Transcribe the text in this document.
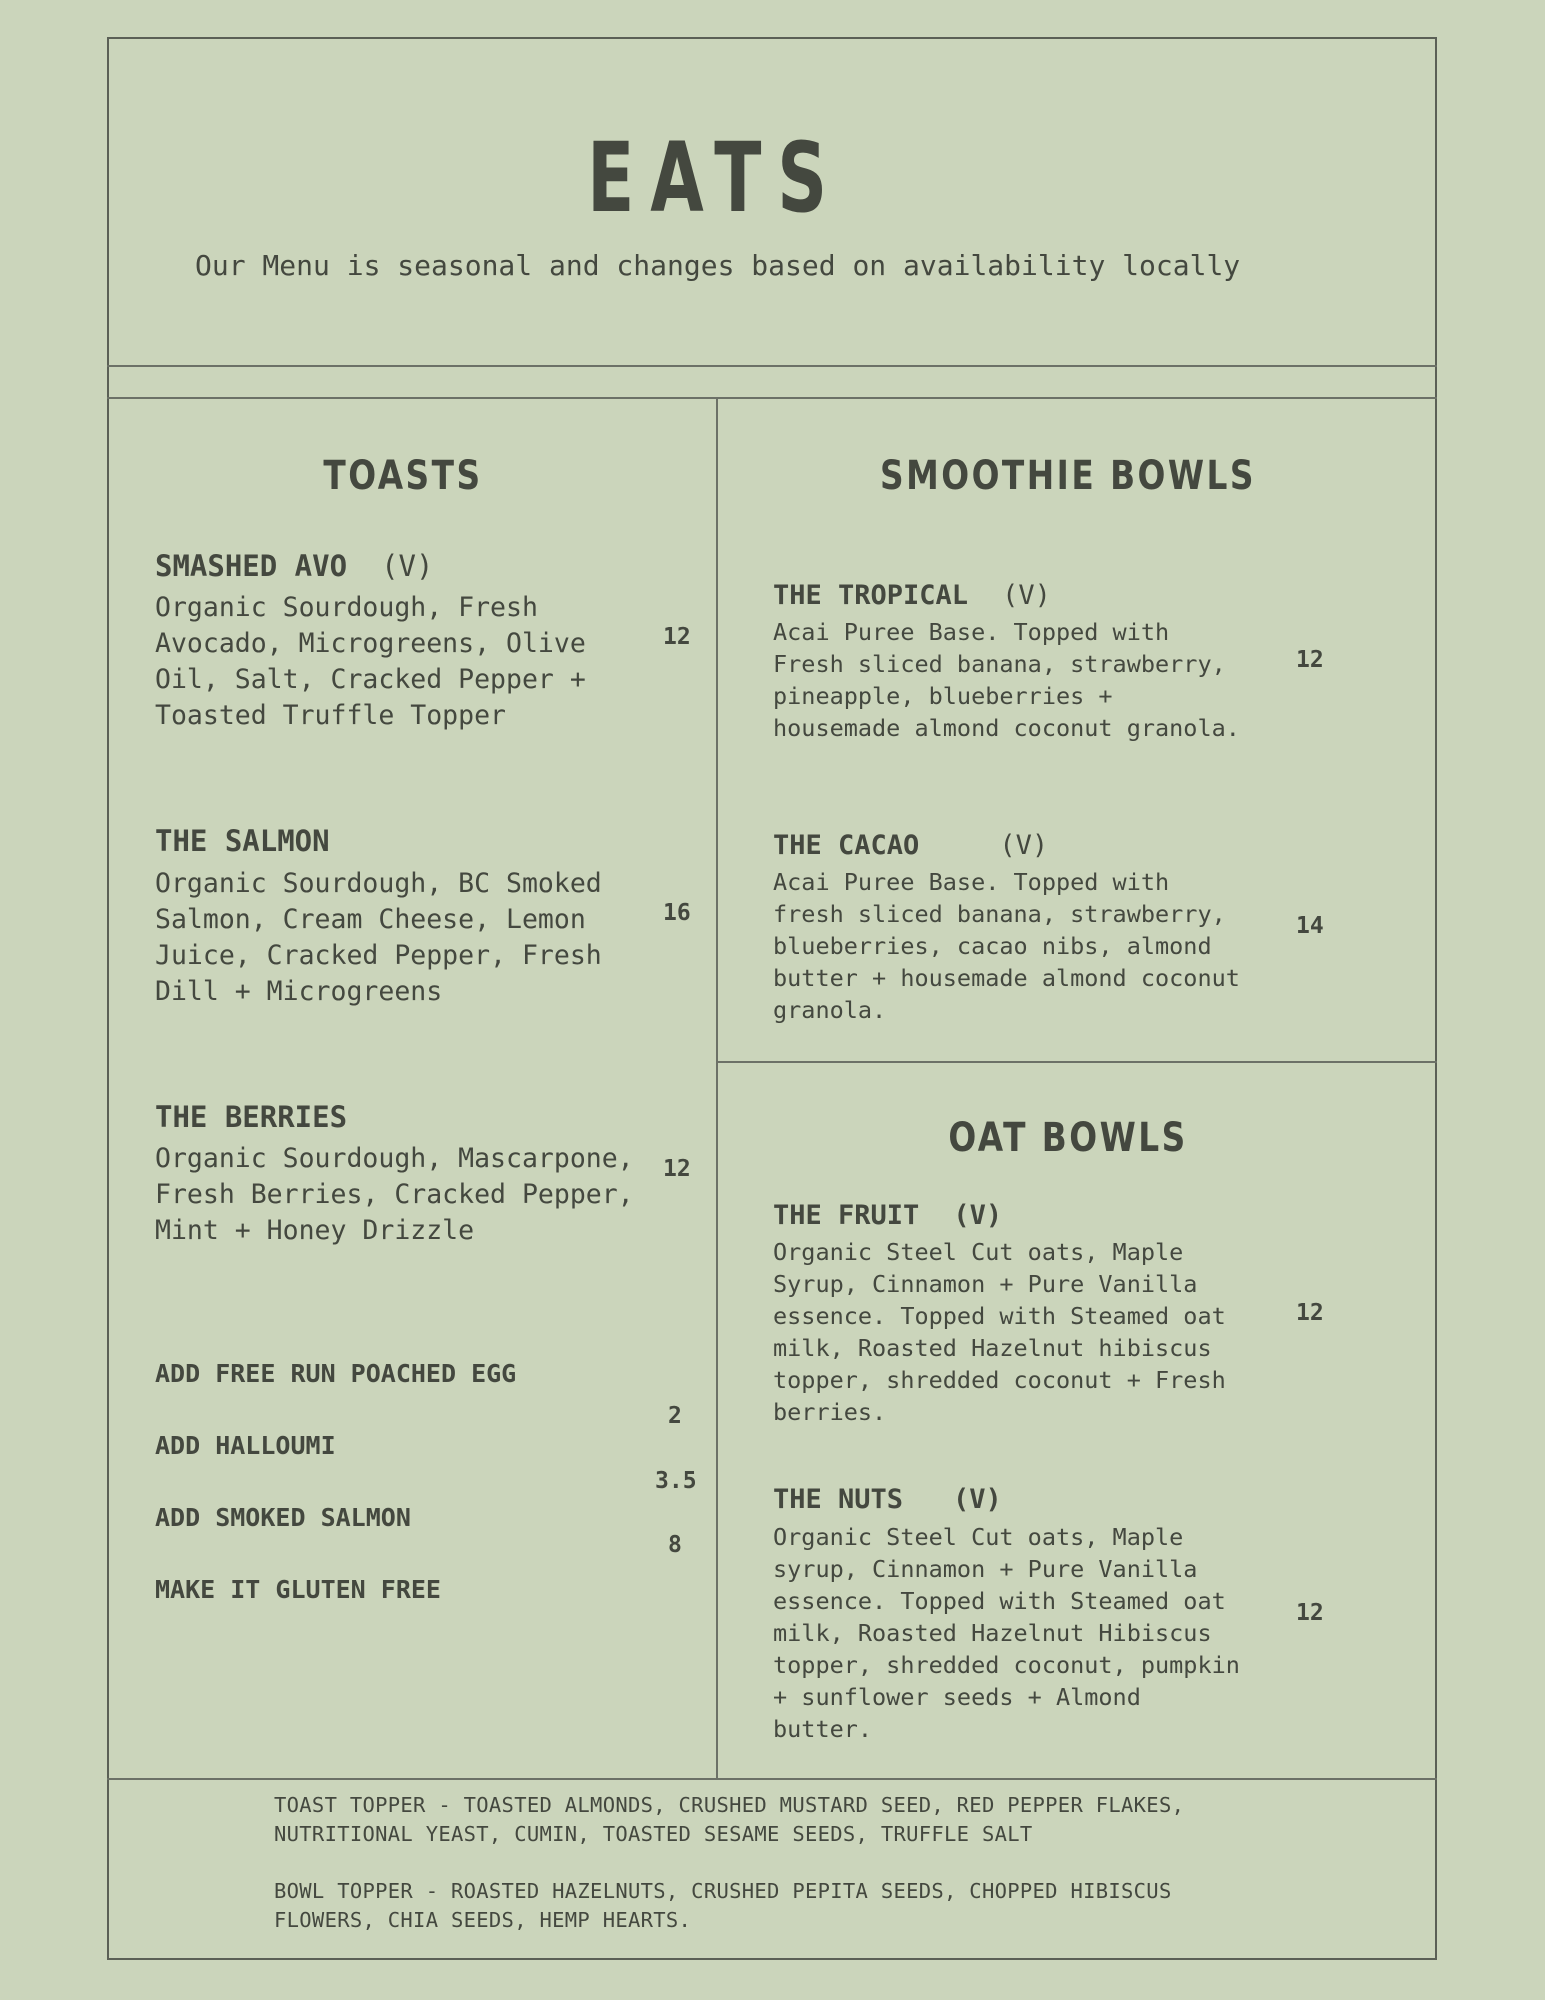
EATS
Our Menu is seasonal and changes based on availability locally
TOASTS
SMASHED AVO (V)
Organic Sourdough, Fresh
Avocado, Microgreens, Olive
Oil, Salt, Cracked Pepper +
Toasted Truffle Topper
12
THE SALMON
Organic Sourdough, BC Smoked
Salmon, Cream Cheese, Lemon
Juice, Cracked Pepper, Fresh
Dill + Microgreens
16
THE BERRIES
Organic Sourdough, Mascarpone,
Fresh Berries, Cracked Pepper,
Mint + Honey Drizzle
12
ADD FREE RUN POACHED EGG
ADD HALLOUMI
ADD SMOKED SALMON
MAKE IT GLUTEN FREE
2
3.5
8
SMOOTHIE BOWLS
THE TROPICAL (V)
Acai Puree Base. Topped with
Fresh sliced banana, strawberry,
pineapple, blueberries +
housemade almond coconut granola.
12
THE CACAO	(V)
Acai Puree Base. Topped with
fresh sliced banana, strawberry,
blueberries, cacao nibs, almond
butter + housemade almond coconut
granola.
14
OAT BOWLS
THE FRUIT (V)
Organic Steel Cut oats, Maple
Syrup, Cinnamon + Pure Vanilla
essence. Topped with Steamed oat
milk, Roasted Hazelnut hibiscus
topper, shredded coconut + Fresh
berries.
12
THE NUTS (V)
Organic Steel Cut oats, Maple
syrup, Cinnamon + Pure Vanilla
essence. Topped with Steamed oat
milk, Roasted Hazelnut Hibiscus
topper, shredded coconut, pumpkin
+ sunflower seeds + Almond
butter.
12
TOAST TOPPER - TOASTED ALMONDS, CRUSHED MUSTARD SEED, RED PEPPER FLAKES,
NUTRITIONAL YEAST, CUMIN, TOASTED SESAME SEEDS, TRUFFLE SALT
BOWL TOPPER - ROASTED HAZELNUTS, CRUSHED PEPITA SEEDS, CHOPPED HIBISCUS
FLOWERS, CHIA SEEDS, HEMP HEARTS.
